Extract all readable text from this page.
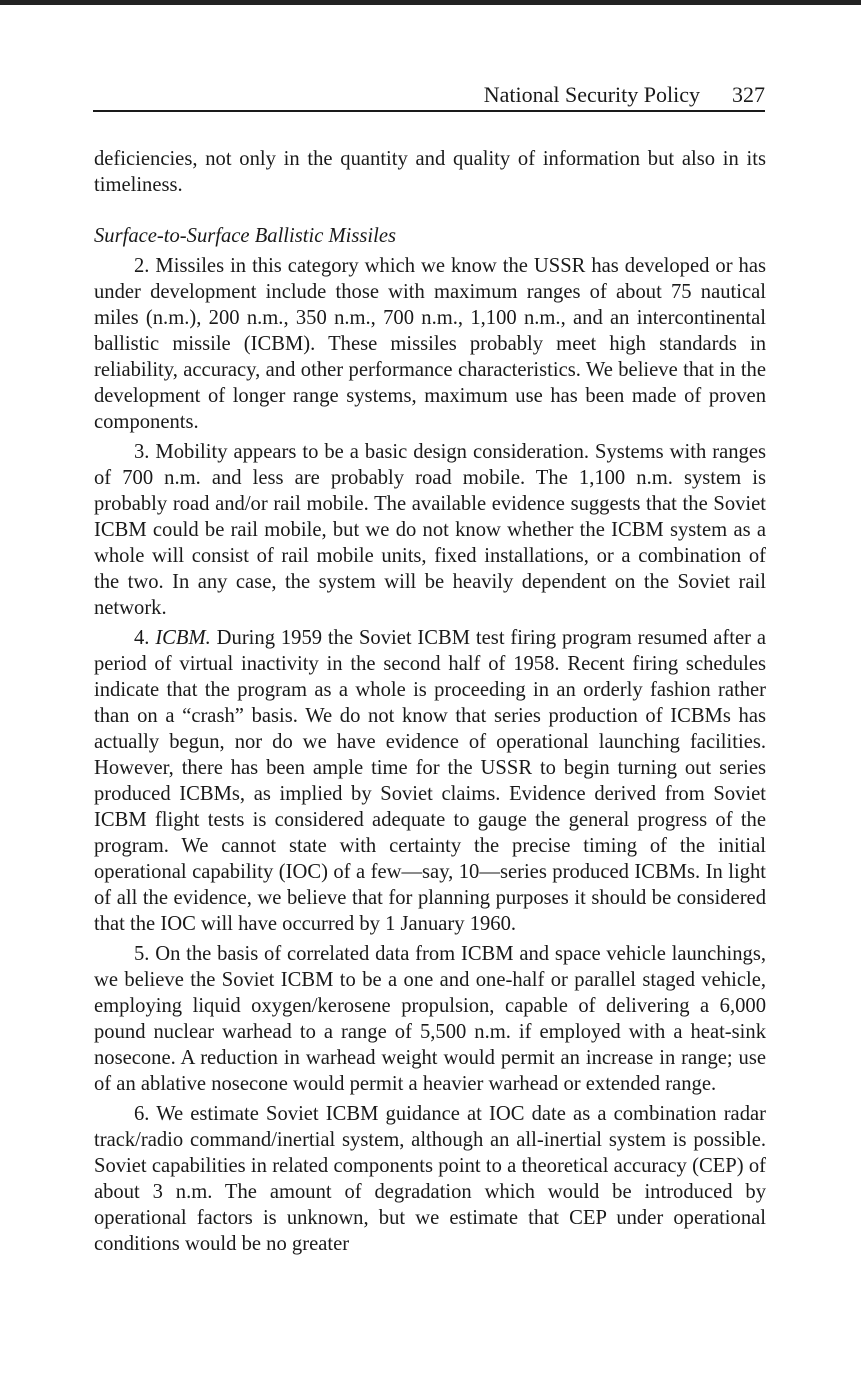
National Security Policy 327

deficiencies, not only in the quantity and quality of information but also in its timeliness.

Surface-to-Surface Ballistic Missiles

2. Missiles in this category which we know the USSR has developed or has under development include those with maximum ranges of about 75 nautical miles (n.m.), 200 n.m., 350 n.m., 700 n.m., 1,100 n.m., and an intercontinental ballistic missile (ICBM). These missiles probably meet high standards in reliability, accuracy, and other performance characteristics. We believe that in the development of longer range systems, maximum use has been made of proven components.

3. Mobility appears to be a basic design consideration. Systems with ranges of 700 n.m. and less are probably road mobile. The 1,100 n.m. system is probably road and/or rail mobile. The available evidence suggests that the Soviet ICBM could be rail mobile, but we do not know whether the ICBM system as a whole will consist of rail mobile units, fixed installations, or a combination of the two. In any case, the system will be heavily dependent on the Soviet rail network.

4. ICBM. During 1959 the Soviet ICBM test firing program resumed after a period of virtual inactivity in the second half of 1958. Recent firing schedules indicate that the program as a whole is proceeding in an orderly fashion rather than on a “crash” basis. We do not know that series production of ICBMs has actually begun, nor do we have evidence of operational launching facilities. However, there has been ample time for the USSR to begin turning out series produced ICBMs, as implied by Soviet claims. Evidence derived from Soviet ICBM flight tests is considered adequate to gauge the general progress of the program. We cannot state with certainty the precise timing of the initial operational capability (IOC) of a few—say, 10—series produced ICBMs. In light of all the evidence, we believe that for planning purposes it should be considered that the IOC will have occurred by 1 January 1960.

5. On the basis of correlated data from ICBM and space vehicle launchings, we believe the Soviet ICBM to be a one and one-half or parallel staged vehicle, employing liquid oxygen/kerosene propulsion, capable of delivering a 6,000 pound nuclear warhead to a range of 5,500 n.m. if employed with a heat-sink nosecone. A reduction in warhead weight would permit an increase in range; use of an ablative nosecone would permit a heavier warhead or extended range.

6. We estimate Soviet ICBM guidance at IOC date as a combination radar track/radio command/inertial system, although an all-inertial system is possible. Soviet capabilities in related components point to a theoretical accuracy (CEP) of about 3 n.m. The amount of degradation which would be introduced by operational factors is unknown, but we estimate that CEP under operational conditions would be no greater
